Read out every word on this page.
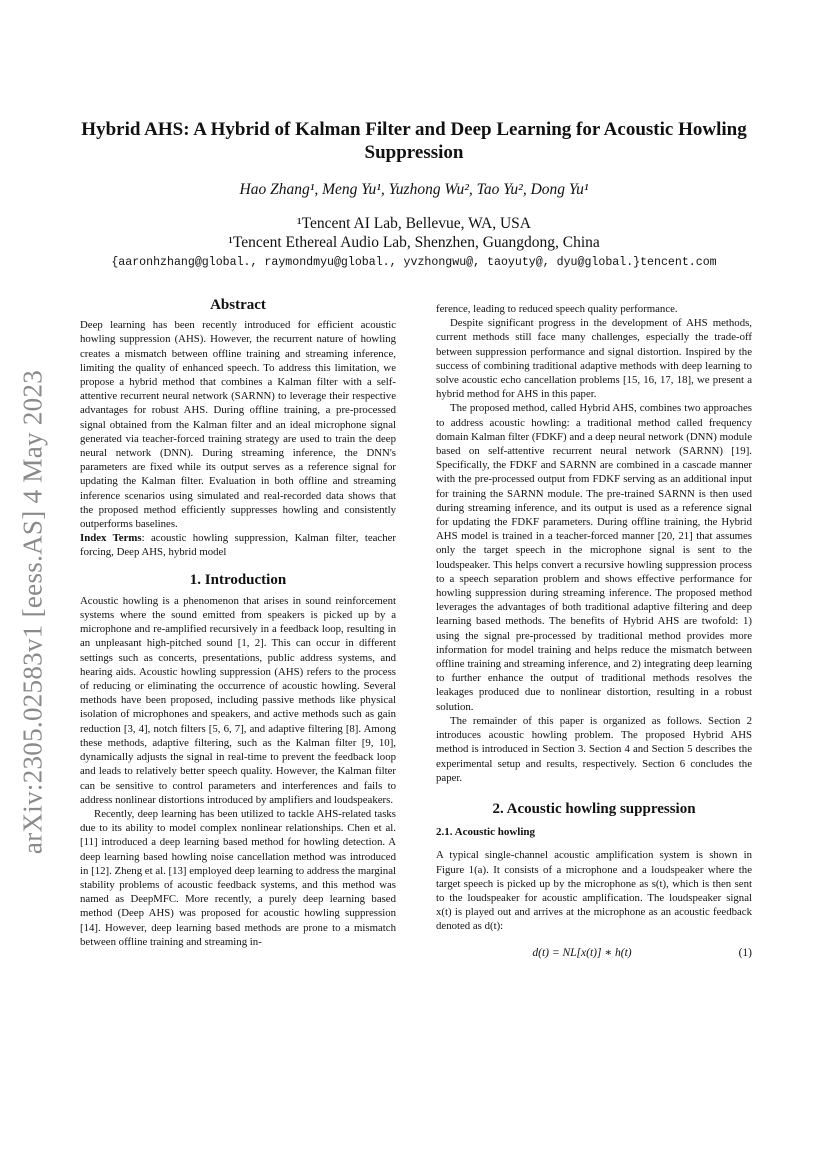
arXiv:2305.02583v1 [eess.AS] 4 May 2023
Hybrid AHS: A Hybrid of Kalman Filter and Deep Learning for Acoustic Howling Suppression

Hao Zhang¹, Meng Yu¹, Yuzhong Wu², Tao Yu², Dong Yu¹

¹Tencent AI Lab, Bellevue, WA, USA

¹Tencent Ethereal Audio Lab, Shenzhen, Guangdong, China

{aaronhzhang@global., raymondmyu@global., yvzhongwu@, taoyuty@, dyu@global.}tencent.com

Abstract

Deep learning has been recently introduced for efficient acoustic howling suppression (AHS). However, the recurrent nature of howling creates a mismatch between offline training and streaming inference, limiting the quality of enhanced speech. To address this limitation, we propose a hybrid method that combines a Kalman filter with a self-attentive recurrent neural network (SARNN) to leverage their respective advantages for robust AHS. During offline training, a pre-processed signal obtained from the Kalman filter and an ideal microphone signal generated via teacher-forced training strategy are used to train the deep neural network (DNN). During streaming inference, the DNN's parameters are fixed while its output serves as a reference signal for updating the Kalman filter. Evaluation in both offline and streaming inference scenarios using simulated and real-recorded data shows that the proposed method efficiently suppresses howling and consistently outperforms baselines.

Index Terms: acoustic howling suppression, Kalman filter, teacher forcing, Deep AHS, hybrid model

1. Introduction

Acoustic howling is a phenomenon that arises in sound reinforcement systems where the sound emitted from speakers is picked up by a microphone and re-amplified recursively in a feedback loop, resulting in an unpleasant high-pitched sound [1, 2]. This can occur in different settings such as concerts, presentations, public address systems, and hearing aids. Acoustic howling suppression (AHS) refers to the process of reducing or eliminating the occurrence of acoustic howling. Several methods have been proposed, including passive methods like physical isolation of microphones and speakers, and active methods such as gain reduction [3, 4], notch filters [5, 6, 7], and adaptive filtering [8]. Among these methods, adaptive filtering, such as the Kalman filter [9, 10], dynamically adjusts the signal in real-time to prevent the feedback loop and leads to relatively better speech quality. However, the Kalman filter can be sensitive to control parameters and interferences and fails to address nonlinear distortions introduced by amplifiers and loudspeakers.

Recently, deep learning has been utilized to tackle AHS-related tasks due to its ability to model complex nonlinear relationships. Chen et al. [11] introduced a deep learning based method for howling detection. A deep learning based howling noise cancellation method was introduced in [12]. Zheng et al. [13] employed deep learning to address the marginal stability problems of acoustic feedback systems, and this method was named as DeepMFC. More recently, a purely deep learning based method (Deep AHS) was proposed for acoustic howling suppression [14]. However, deep learning based methods are prone to a mismatch between offline training and streaming in-

ference, leading to reduced speech quality performance.

Despite significant progress in the development of AHS methods, current methods still face many challenges, especially the trade-off between suppression performance and signal distortion. Inspired by the success of combining traditional adaptive methods with deep learning to solve acoustic echo cancellation problems [15, 16, 17, 18], we present a hybrid method for AHS in this paper.

The proposed method, called Hybrid AHS, combines two approaches to address acoustic howling: a traditional method called frequency domain Kalman filter (FDKF) and a deep neural network (DNN) module based on self-attentive recurrent neural network (SARNN) [19]. Specifically, the FDKF and SARNN are combined in a cascade manner with the pre-processed output from FDKF serving as an additional input for training the SARNN module. The pre-trained SARNN is then used during streaming inference, and its output is used as a reference signal for updating the FDKF parameters. During offline training, the Hybrid AHS model is trained in a teacher-forced manner [20, 21] that assumes only the target speech in the microphone signal is sent to the loudspeaker. This helps convert a recursive howling suppression process to a speech separation problem and shows effective performance for howling suppression during streaming inference. The proposed method leverages the advantages of both traditional adaptive filtering and deep learning based methods. The benefits of Hybrid AHS are twofold: 1) using the signal pre-processed by traditional method provides more information for model training and helps reduce the mismatch between offline training and streaming inference, and 2) integrating deep learning to further enhance the output of traditional methods resolves the leakages produced due to nonlinear distortion, resulting in a robust solution.

The remainder of this paper is organized as follows. Section 2 introduces acoustic howling problem. The proposed Hybrid AHS method is introduced in Section 3. Section 4 and Section 5 describes the experimental setup and results, respectively. Section 6 concludes the paper.

2. Acoustic howling suppression
2.1. Acoustic howling

A typical single-channel acoustic amplification system is shown in Figure 1(a). It consists of a microphone and a loudspeaker where the target speech is picked up by the microphone as s(t), which is then sent to the loudspeaker for acoustic amplification. The loudspeaker signal x(t) is played out and arrives at the microphone as an acoustic feedback denoted as d(t):

d(t) = NL[x(t)] ∗ h(t)	(1)
